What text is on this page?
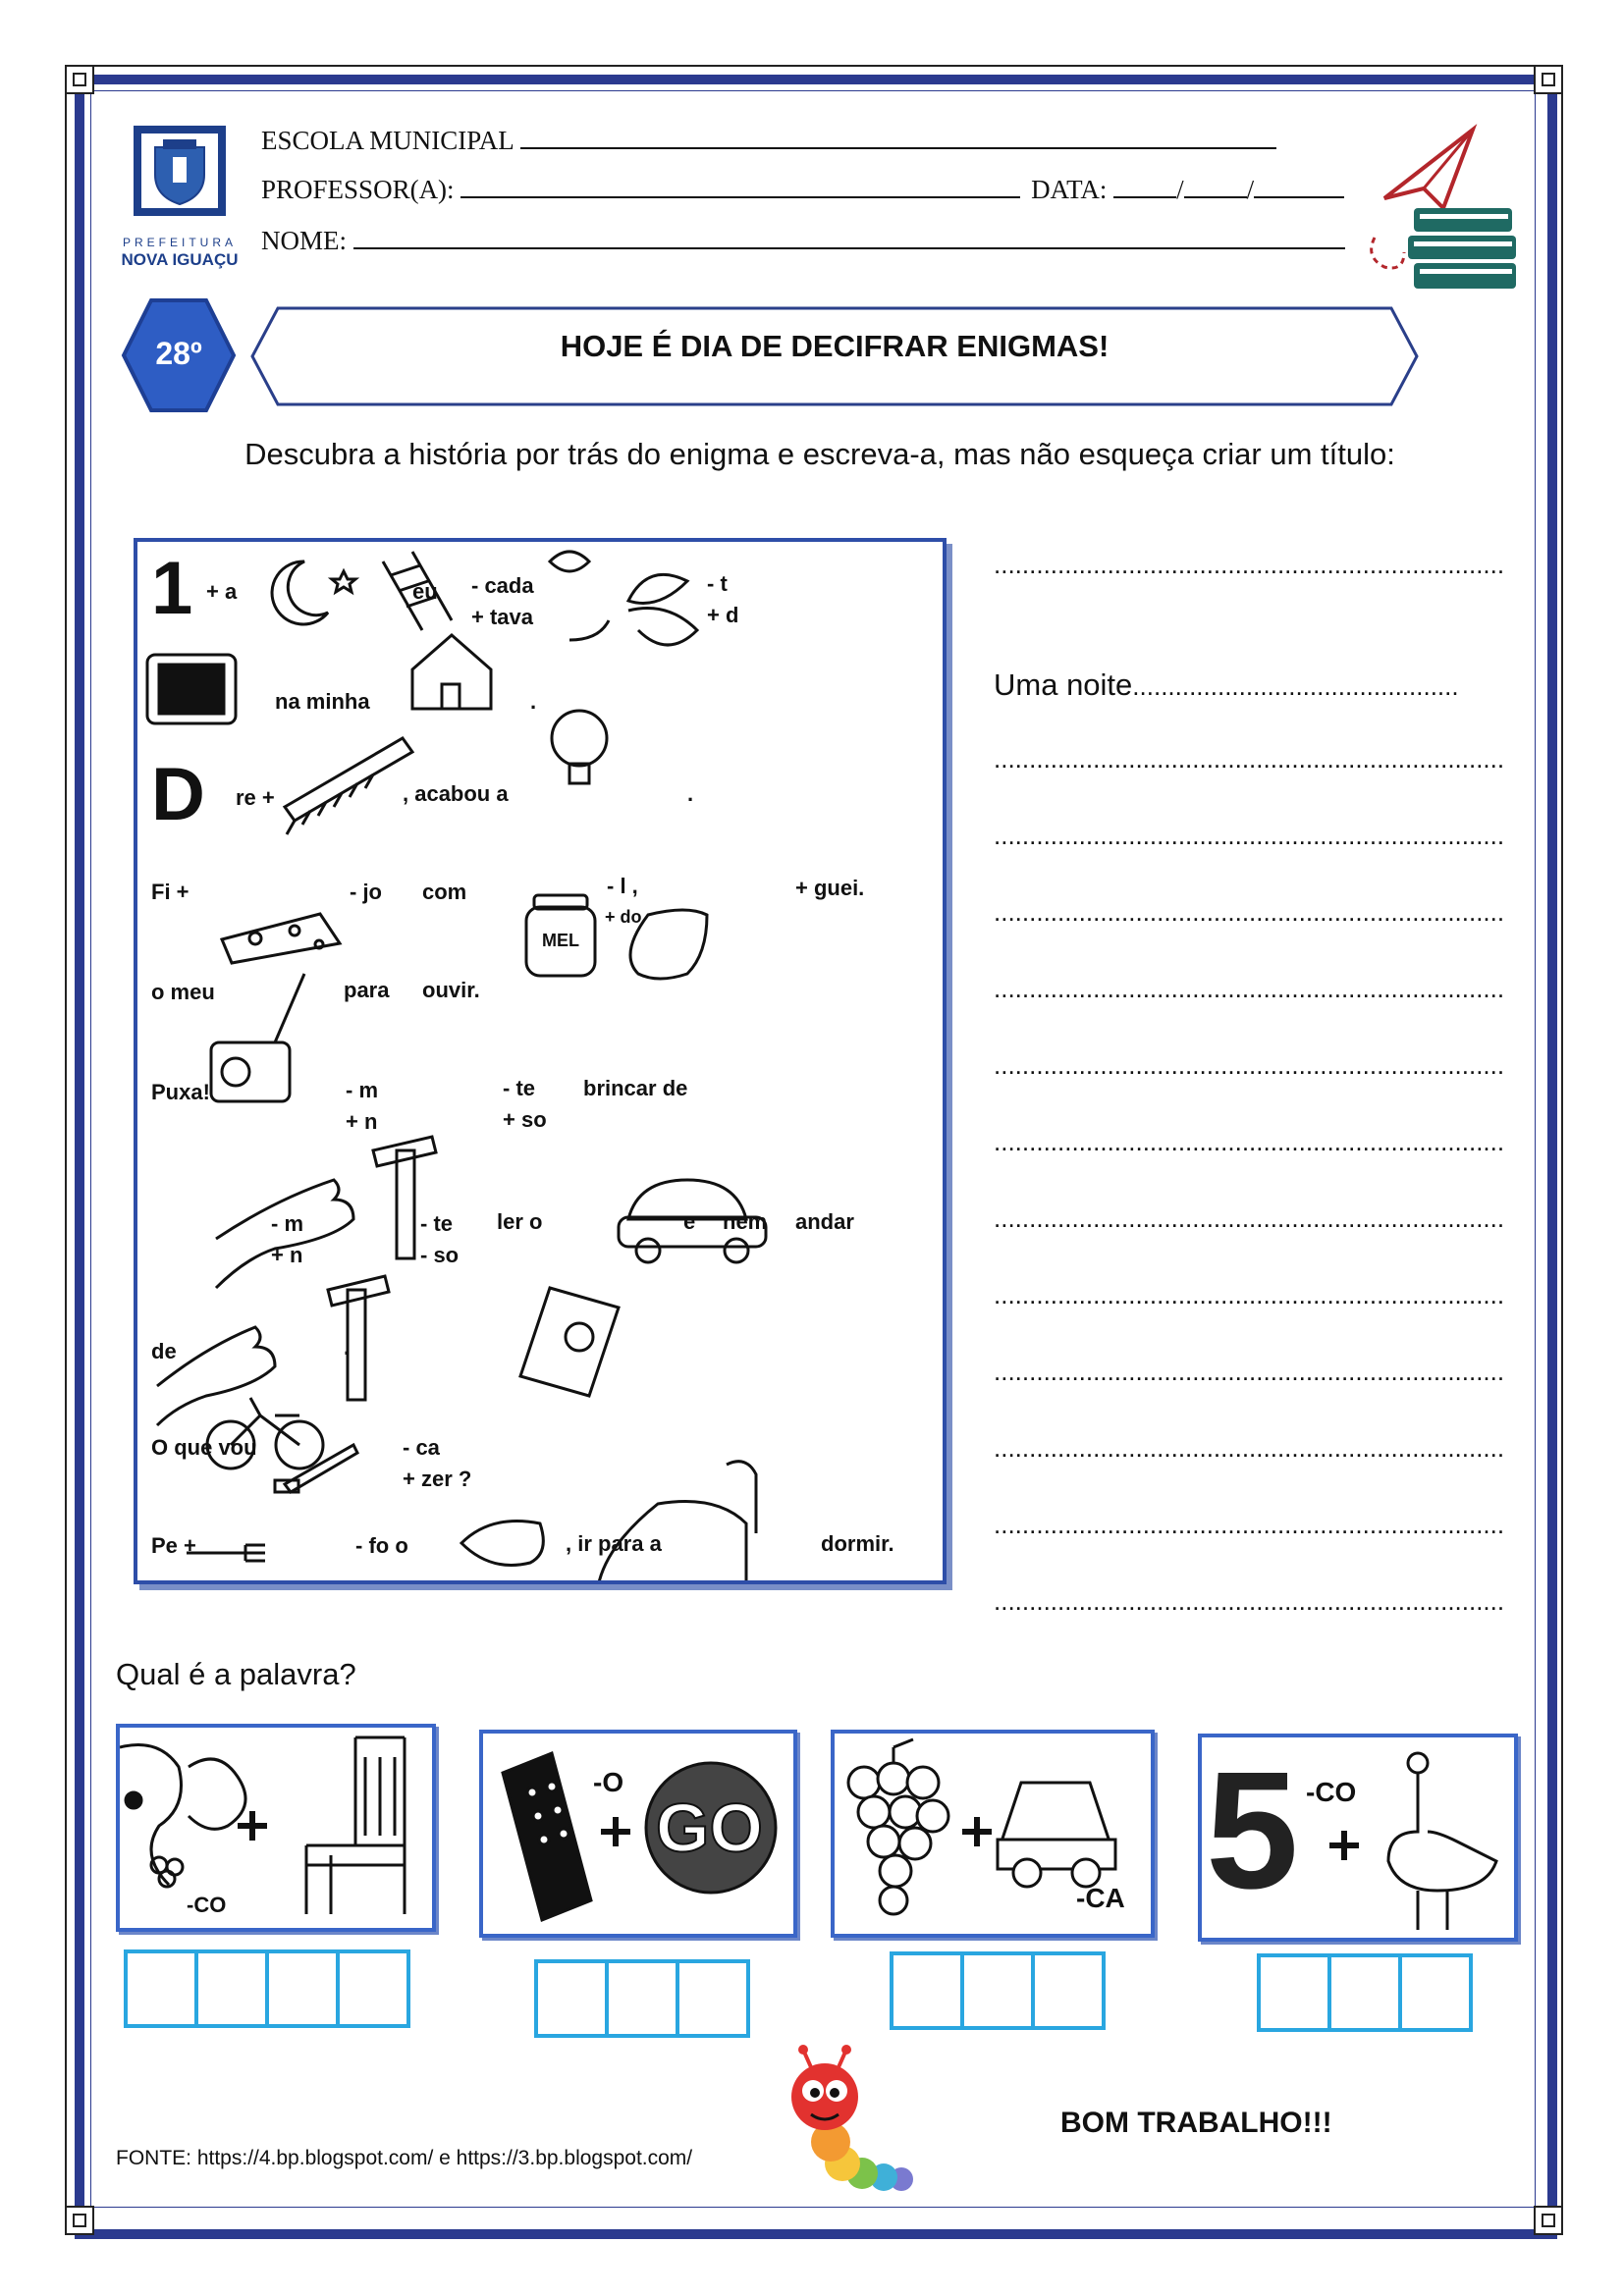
PREFEITURA
NOVA IGUAÇU
ESCOLA MUNICIPAL
PROFESSOR(A):	DATA:	/ /
NOME:
28º	HOJE É DIA DE DECIFRAR ENIGMAS!
Descubra a história por trás do enigma e escreva-a, mas não esqueça criar um título:
1 + a	eu - cada
+ tava
- t
+ d
na minha	.
D re +	, acabou a	.
Fi +	- jo com
MEL
- l ,
+ do
+ guei.
o meu	para ouvir.
Puxa!	- m
+ n
- te
+ so
brincar de
- m
+ n
- te
- so
ler o	e nem andar
de	.
O que vou	- ca
+ zer ?
Pe +	- fo o	, ir para a	dormir.
........................................................................
Uma noite..............................................
........................................................................
........................................................................
........................................................................
........................................................................
........................................................................
........................................................................
........................................................................
........................................................................
........................................................................
........................................................................
........................................................................
........................................................................
Qual é a palavra?
-CO
-O
GO
-CA 5 -CO
BOM TRABALHO!!!
FONTE: https://4.bp.blogspot.com/ e https://3.bp.blogspot.com/
